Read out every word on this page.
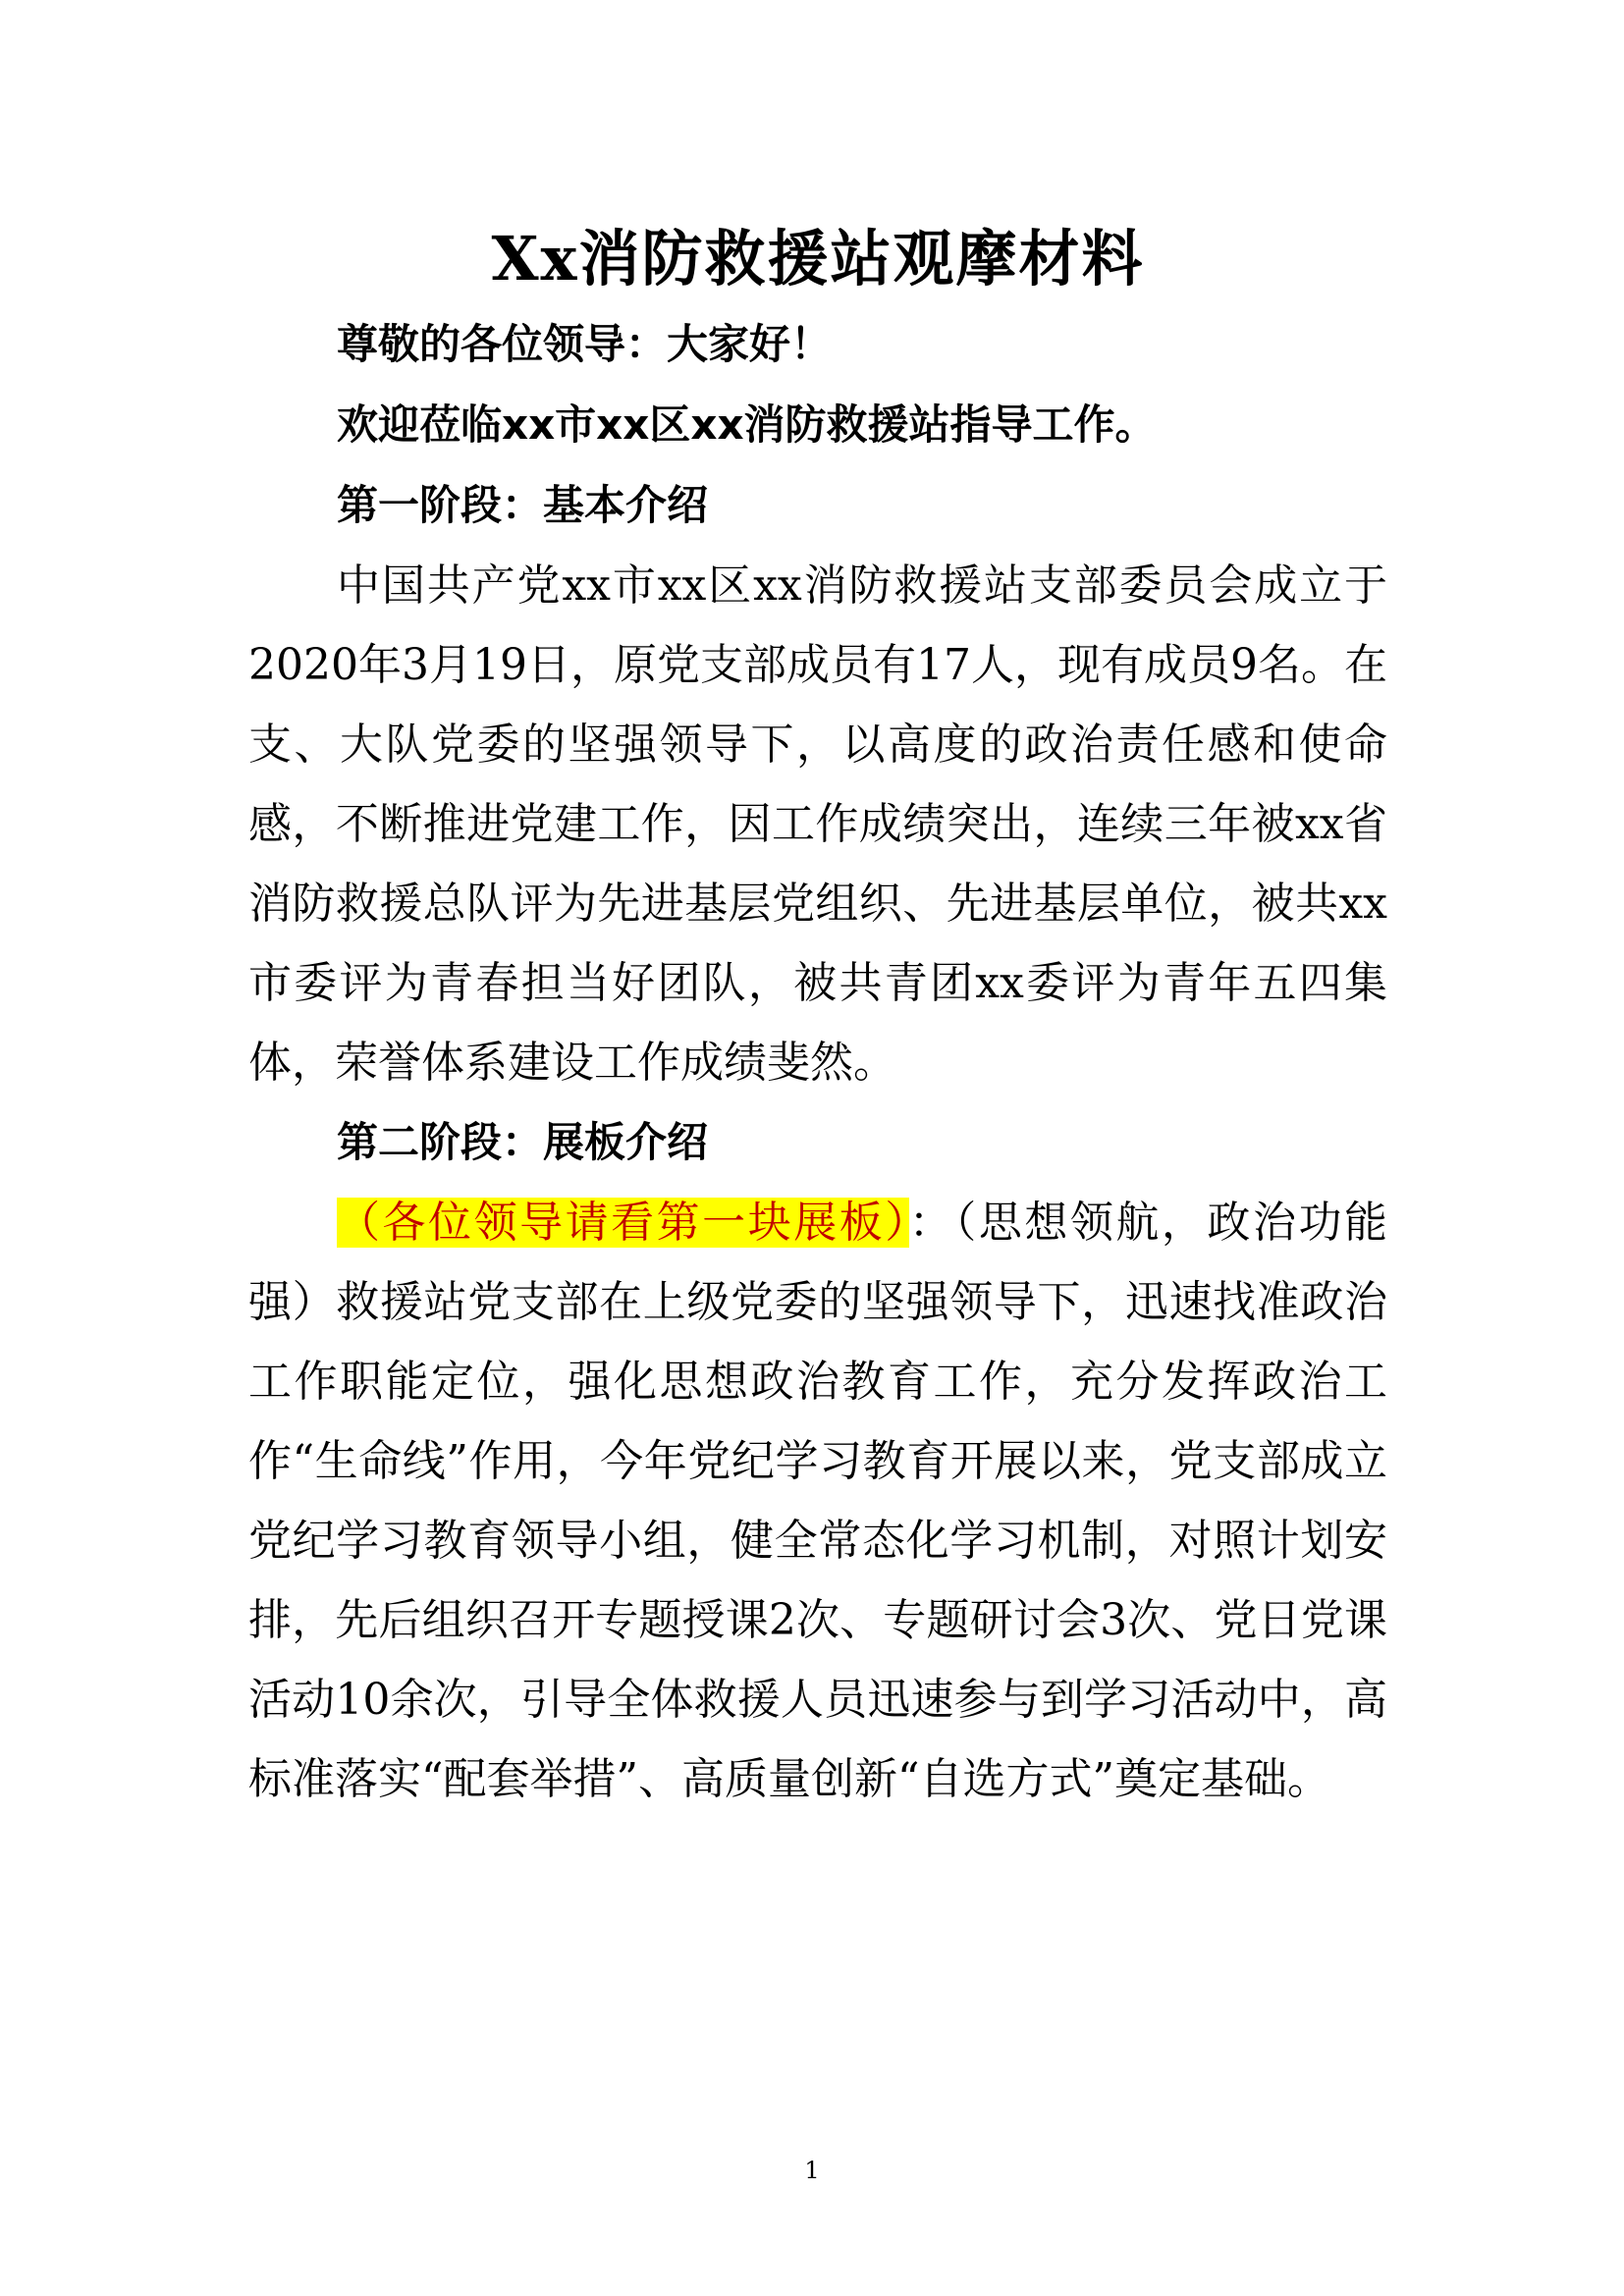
Xx消防救援站观摩材料

尊敬的各位领导：大家好！

欢迎莅临xx市xx区xx消防救援站指导工作。

第一阶段：基本介绍

中国共产党xx市xx区xx消防救援站支部委员会成立于2020年3月19日，原党支部成员有17人，现有成员9名。在支、大队党委的坚强领导下，以高度的政治责任感和使命感，不断推进党建工作，因工作成绩突出，连续三年被xx省消防救援总队评为先进基层党组织、先进基层单位，被共xx市委评为青春担当好团队，被共青团xx委评为青年五四集体，荣誉体系建设工作成绩斐然。

第二阶段：展板介绍

（各位领导请看第一块展板）：（思想领航，政治功能强）救援站党支部在上级党委的坚强领导下，迅速找准政治工作职能定位，强化思想政治教育工作，充分发挥政治工作“生命线”作用，今年党纪学习教育开展以来，党支部成立党纪学习教育领导小组，健全常态化学习机制，对照计划安排，先后组织召开专题授课2次、专题研讨会3次、党日党课活动10余次，引导全体救援人员迅速参与到学习活动中，高标准落实“配套举措”、高质量创新“自选方式”奠定基础。

1
